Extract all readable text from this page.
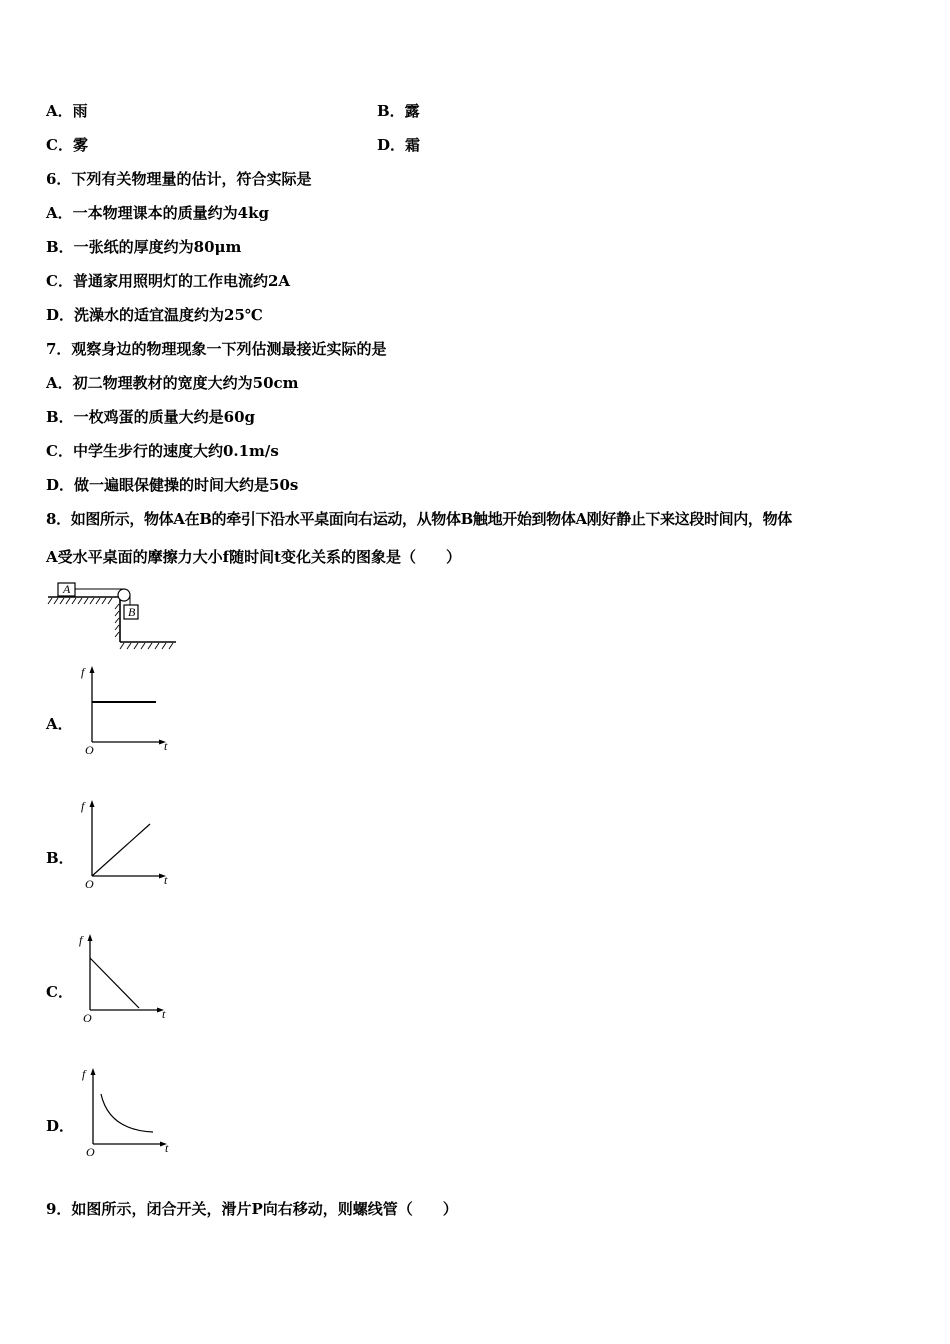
A．雨	B．露
C．雾	D．霜
6．下列有关物理量的估计，符合实际是
A．一本物理课本的质量约为4kg
B．一张纸的厚度约为80μm
C．普通家用照明灯的工作电流约2A
D．洗澡水的适宜温度约为25℃
7．观察身边的物理现象一下列估测最接近实际的是
A．初二物理教材的宽度大约为50cm
B．一枚鸡蛋的质量大约是60g
C．中学生步行的速度大约0.1m/s
D．做一遍眼保健操的时间大约是50s
8．如图所示，物体A在B的牵引下沿水平桌面向右运动，从物体B触地开始到物体A刚好静止下来这段时间内，物体
A受水平桌面的摩擦力大小f随时间t变化关系的图象是（　　）
A
B
A．
f
t
O
B．
f
t
O
C．
f
t
O
D．
f
t
O
9．如图所示，闭合开关，滑片P向右移动，则螺线管（　　）
